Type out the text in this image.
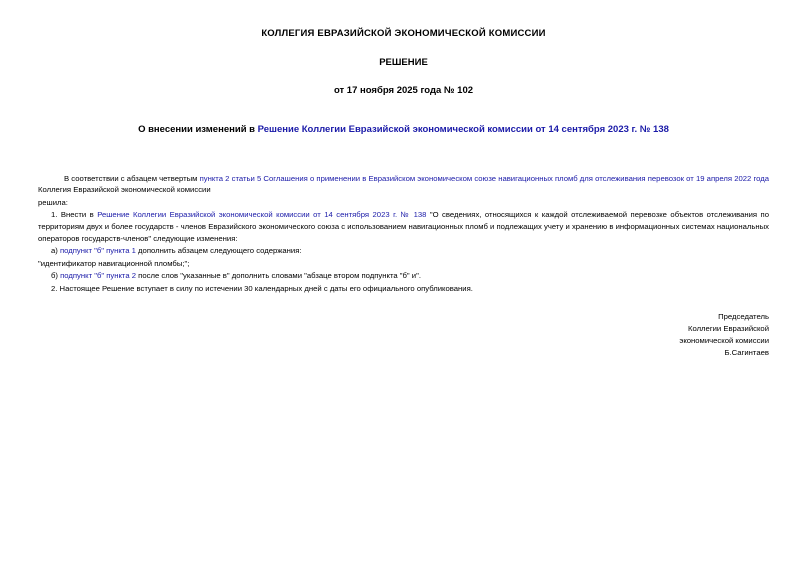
КОЛЛЕГИЯ ЕВРАЗИЙСКОЙ ЭКОНОМИЧЕСКОЙ КОМИССИИ
РЕШЕНИЕ
от 17 ноября 2025 года № 102
О внесении изменений в Решение Коллегии Евразийской экономической комиссии от 14 сентября 2023 г. № 138

В соответствии с абзацем четвертым пункта 2 статьи 5 Соглашения о применении в Евразийском экономическом союзе навигационных пломб для отслеживания перевозок от 19 апреля 2022 года Коллегия Евразийской экономической комиссии

решила:

1. Внести в Решение Коллегии Евразийской экономической комиссии от 14 сентября 2023 г. № 138 "О сведениях, относящихся к каждой отслеживаемой перевозке объектов отслеживания по территориям двух и более государств - членов Евразийского экономического союза с использованием навигационных пломб и подлежащих учету и хранению в информационных системах национальных операторов государств-членов" следующие изменения:

а) подпункт "б" пункта 1 дополнить абзацем следующего содержания:

"идентификатор навигационной пломбы;";

б) подпункт "б" пункта 2 после слов "указанные в" дополнить словами "абзаце втором подпункта "б" и".

2. Настоящее Решение вступает в силу по истечении 30 календарных дней с даты его официального опубликования.

Председатель
Коллегии Евразийской
экономической комиссии
Б.Сагинтаев
